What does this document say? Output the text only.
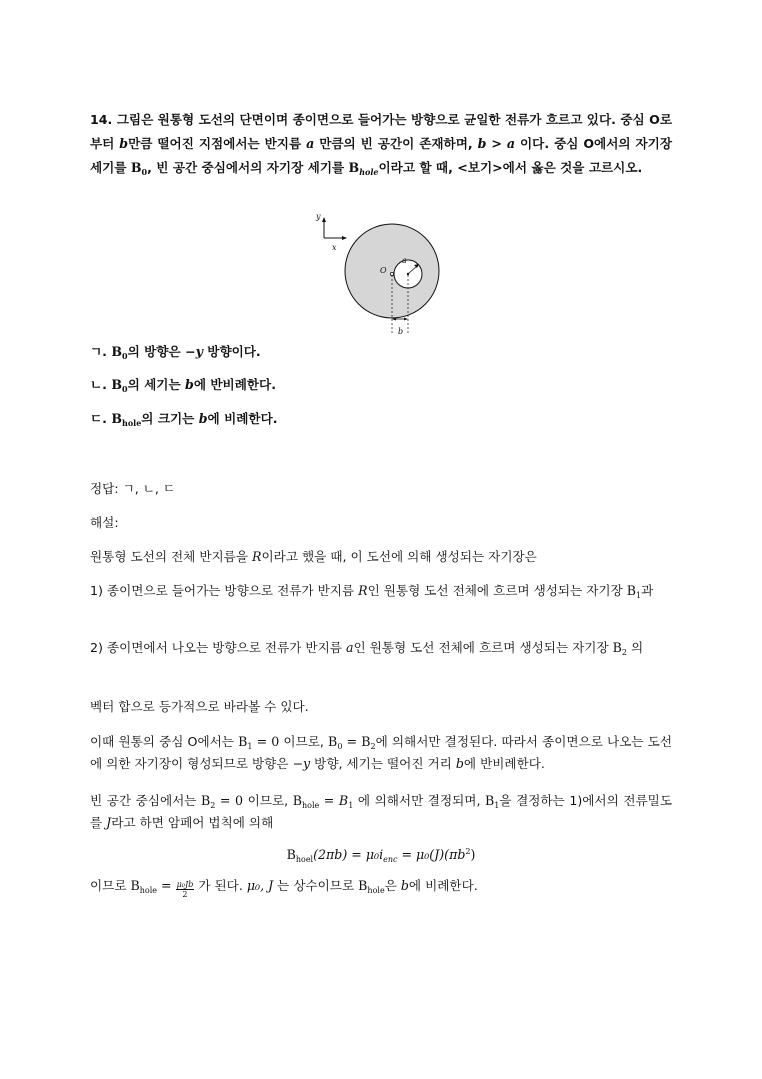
14. 그림은 원통형 도선의 단면이며 종이면으로 들어가는 방향으로 균일한 전류가 흐르고 있다. 중심 O로부터 b만큼 떨어진 지점에서는 반지름 a 만큼의 빈 공간이 존재하며, b > a 이다. 중심 O에서의 자기장 세기를 $B_0$, 빈 공간 중심에서의 자기장 세기를 $B_{hole}$이라고 할 때, <보기>에서 옳은 것을 고르시오.
y
x
a
O
b
ㄱ. $B_0$의 방향은 −y 방향이다.
ㄴ. $B_0$의 세기는 b에 반비례한다.
ㄷ. $B_{hole}$의 크기는 b에 비례한다.
정답: ㄱ, ㄴ, ㄷ
해설:
원통형 도선의 전체 반지름을 R이라고 했을 때, 이 도선에 의해 생성되는 자기장은
1) 종이면으로 들어가는 방향으로 전류가 반지름 R인 원통형 도선 전체에 흐르며 생성되는 자기장 $B_1$과
2) 종이면에서 나오는 방향으로 전류가 반지름 a인 원통형 도선 전체에 흐르며 생성되는 자기장 $B_2$ 의
벡터 합으로 등가적으로 바라볼 수 있다.
이때 원통의 중심 O에서는 $B_1 = 0$ 이므로, $B_0 = B_2$에 의해서만 결정된다. 따라서 종이면으로 나오는 도선에 의한 자기장이 형성되므로 방향은 −y 방향, 세기는 떨어진 거리 b에 반비례한다.
빈 공간 중심에서는 $B_2 = 0$ 이므로, $B_{hole} = B_1$ 에 의해서만 결정되며, $B_1$을 결정하는 1)에서의 전류밀도를 J라고 하면 암페어 법칙에 의해
$B_{hoel}(2\pi b) = \mu_0i_{enc} = \mu_0(J)(\pi b^2)$
이므로 $B_{hole} = \frac{\text{μ₀Jb}}{2}$ 가 된다. μ₀, J 는 상수이므로 $B_{hole}$은 b에 비례한다.
